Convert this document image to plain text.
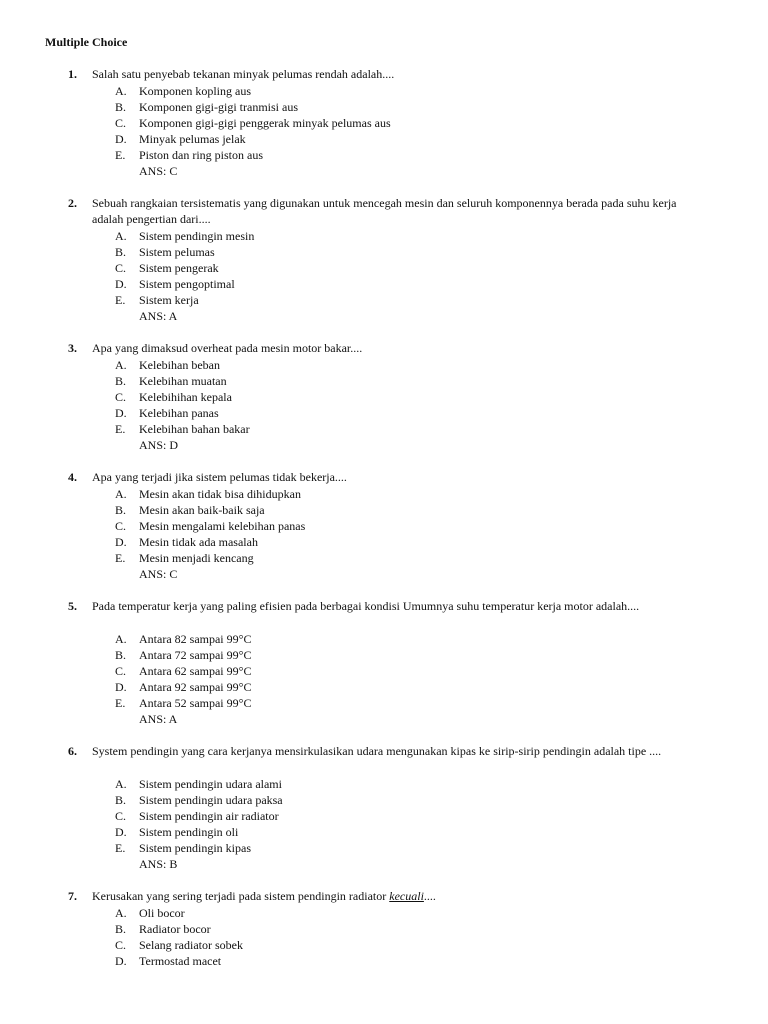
Multiple Choice
1. Salah satu penyebab tekanan minyak pelumas rendah adalah....
A. Komponen kopling aus
B. Komponen gigi-gigi tranmisi aus
C. Komponen gigi-gigi penggerak minyak pelumas aus
D. Minyak pelumas jelak
E. Piston dan ring piston aus
ANS: C
2. Sebuah rangkaian tersistematis yang digunakan untuk mencegah mesin dan seluruh komponennya berada pada suhu kerja adalah pengertian dari....
A. Sistem pendingin mesin
B. Sistem pelumas
C. Sistem pengerak
D. Sistem pengoptimal
E. Sistem kerja
ANS: A
3. Apa yang dimaksud overheat pada mesin motor bakar....
A. Kelebihan beban
B. Kelebihan muatan
C. Kelebihihan kepala
D. Kelebihan panas
E. Kelebihan bahan bakar
ANS: D
4. Apa yang terjadi jika sistem pelumas tidak bekerja....
A. Mesin akan tidak bisa dihidupkan
B. Mesin akan baik-baik saja
C. Mesin mengalami kelebihan panas
D. Mesin tidak ada masalah
E. Mesin menjadi kencang
ANS: C
5. Pada temperatur kerja yang paling efisien pada berbagai kondisi Umumnya suhu temperatur kerja motor adalah....
A. Antara 82 sampai 99°C
B. Antara 72 sampai 99°C
C. Antara 62 sampai 99°C
D. Antara 92 sampai 99°C
E. Antara 52 sampai 99°C
ANS: A
6. System pendingin yang cara kerjanya mensirkulasikan udara mengunakan kipas ke sirip-sirip pendingin adalah tipe ....
A. Sistem pendingin udara alami
B. Sistem pendingin udara paksa
C. Sistem pendingin air radiator
D. Sistem pendingin oli
E. Sistem pendingin kipas
ANS: B
7. Kerusakan yang sering terjadi pada sistem pendingin radiator kecuali....
A. Oli bocor
B. Radiator bocor
C. Selang radiator sobek
D. Termostad macet
